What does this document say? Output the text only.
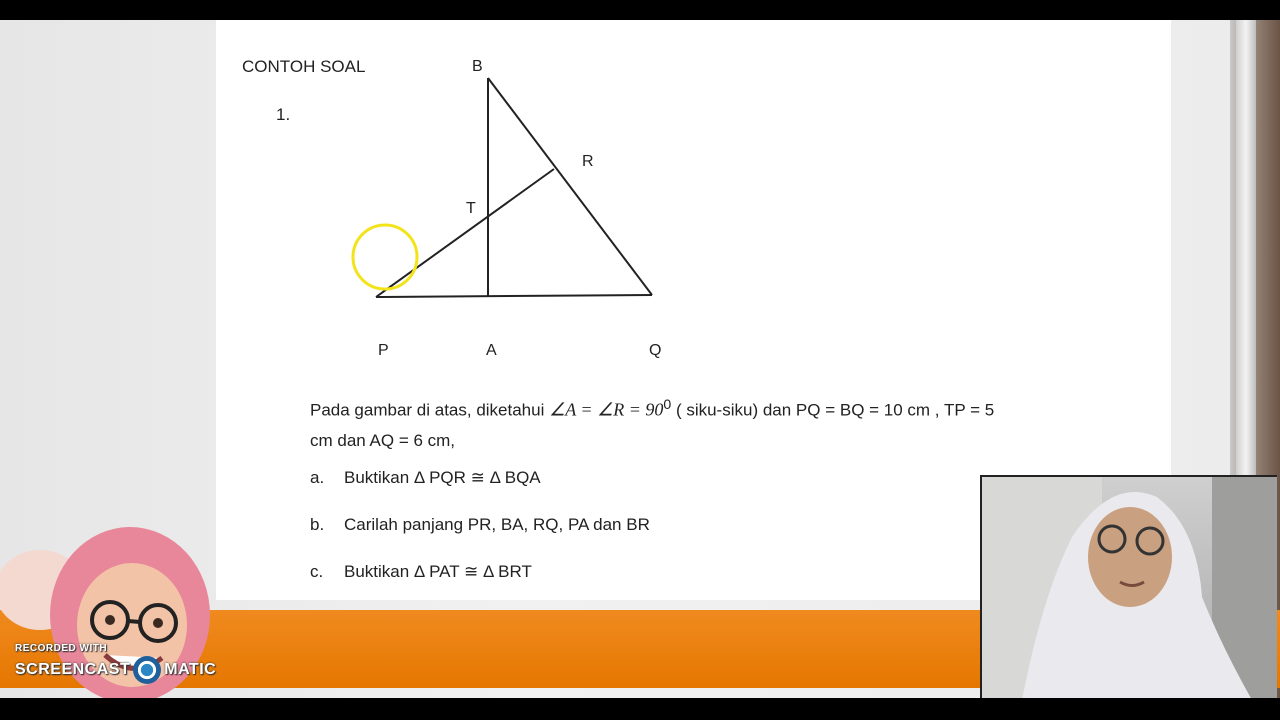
CONTOH SOAL
1.
B
R
T
P	A	Q
Pada gambar di atas, diketahui ∠A = ∠R = $90^0$ ( siku-siku) dan PQ = BQ = 10 cm , TP = 5
cm dan AQ = 6 cm,
a. Buktikan Δ PQR ≅ Δ BQA
b. Carilah panjang PR, BA, RQ, PA dan BR
c. Buktikan Δ PAT ≅ Δ BRT
RECORDED WITH
SCREENCAST MATIC
